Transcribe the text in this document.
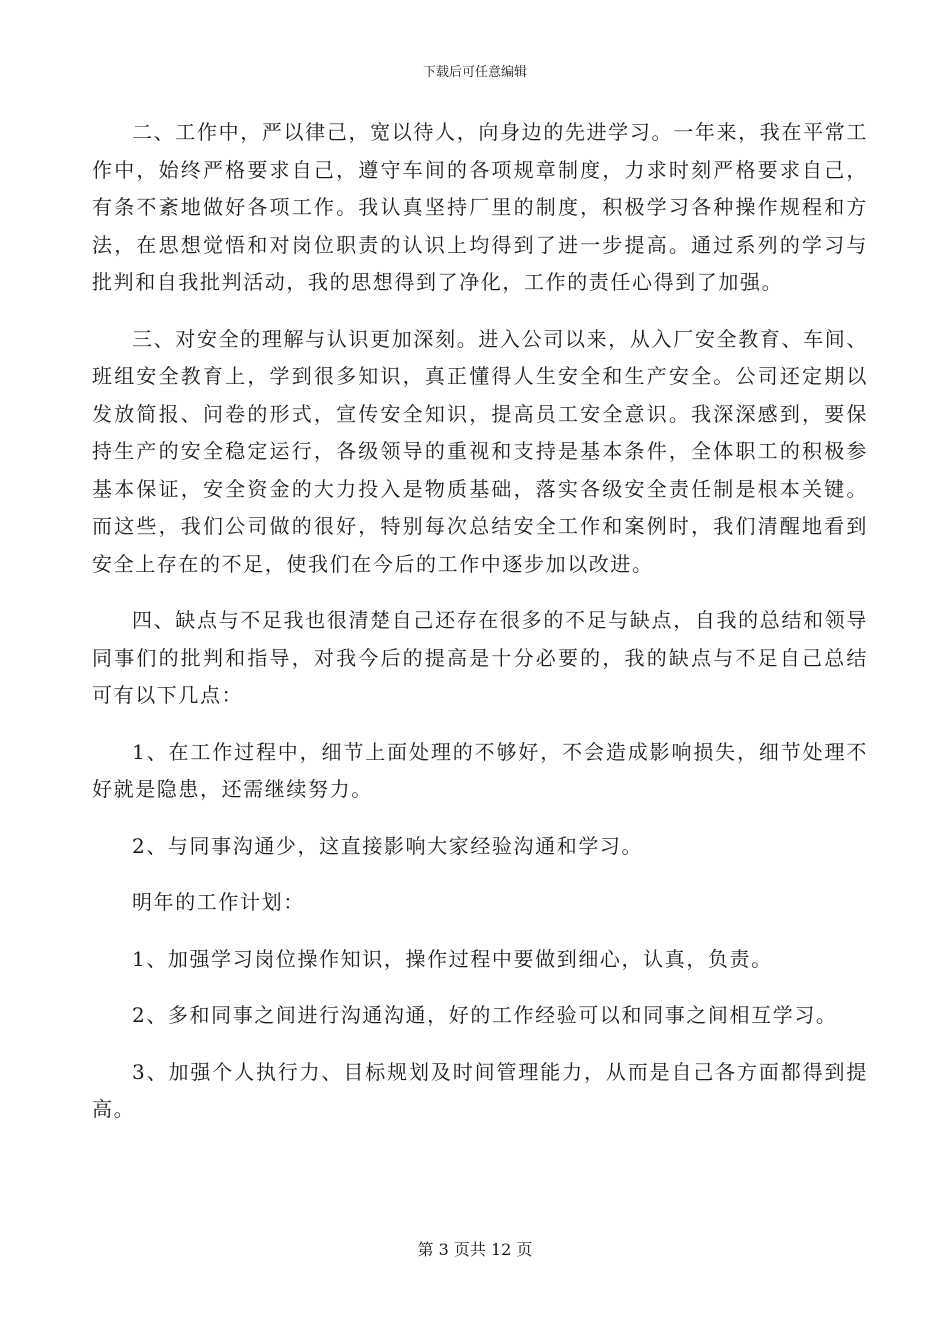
下载后可任意编辑

二、工作中，严以律己，宽以待人，向身边的先进学习。一年来，我在平常工作中，始终严格要求自己，遵守车间的各项规章制度，力求时刻严格要求自己，有条不紊地做好各项工作。我认真坚持厂里的制度，积极学习各种操作规程和方法，在思想觉悟和对岗位职责的认识上均得到了进一步提高。通过系列的学习与批判和自我批判活动，我的思想得到了净化，工作的责任心得到了加强。

三、对安全的理解与认识更加深刻。进入公司以来，从入厂安全教育、车间、班组安全教育上，学到很多知识，真正懂得人生安全和生产安全。公司还定期以发放简报、问卷的形式，宣传安全知识，提高员工安全意识。我深深感到，要保持生产的安全稳定运行，各级领导的重视和支持是基本条件，全体职工的积极参基本保证，安全资金的大力投入是物质基础，落实各级安全责任制是根本关键。而这些，我们公司做的很好，特别每次总结安全工作和案例时，我们清醒地看到安全上存在的不足，使我们在今后的工作中逐步加以改进。

四、缺点与不足我也很清楚自己还存在很多的不足与缺点，自我的总结和领导同事们的批判和指导，对我今后的提高是十分必要的，我的缺点与不足自己总结可有以下几点：

1、在工作过程中，细节上面处理的不够好，不会造成影响损失，细节处理不好就是隐患，还需继续努力。

2、与同事沟通少，这直接影响大家经验沟通和学习。

明年的工作计划：

1、加强学习岗位操作知识，操作过程中要做到细心，认真，负责。

2、多和同事之间进行沟通沟通，好的工作经验可以和同事之间相互学习。

3、加强个人执行力、目标规划及时间管理能力，从而是自己各方面都得到提高。

第 3 页共 12 页
